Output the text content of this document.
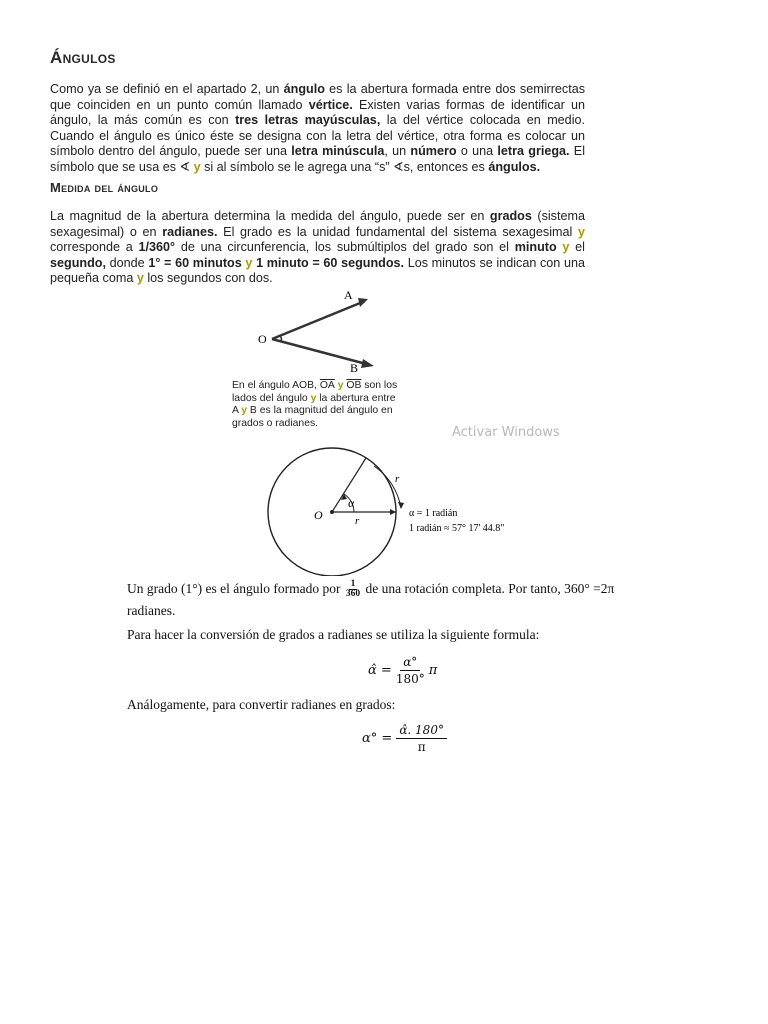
Ángulos
Como ya se definió en el apartado 2, un ángulo es la abertura formada entre dos semirrectas que coinciden en un punto común llamado vértice. Existen varias formas de identificar un ángulo, la más común es con tres letras mayúsculas, la del vértice colocada en medio. Cuando el ángulo es único éste se designa con la letra del vértice, otra forma es colocar un símbolo dentro del ángulo, puede ser una letra minúscula, un número o una letra griega. El símbolo que se usa es ∢ y si al símbolo se le agrega una “s” ∢s, entonces es ángulos.
Medida del ángulo
La magnitud de la abertura determina la medida del ángulo, puede ser en grados (sistema sexagesimal) o en radianes. El grado es la unidad fundamental del sistema sexagesimal y corresponde a 1/360° de una circunferencia, los submúltiplos del grado son el minuto y el segundo, donde 1° = 60 minutos y 1 minuto = 60 segundos. Los minutos se indican con una pequeña coma y los segundos con dos.
A
B
O
En el ángulo AOB, $\overline{OA}$ y $\overline{OB}$ son los lados del ángulo y la abertura entre A y B es la magnitud del ángulo en grados o radianes.
Activar Windows
O
α
r
r
α = 1 radián
1 radián ≈ 57° 17' 44.8"
Un grado (1°) es el ángulo formado por $\frac{1}{360}$ de una rotación completa. Por tanto, 360° =2π
radianes.
Para hacer la conversión de grados a radianes se utiliza la siguiente formula:
α̂ = $\frac{\alpha^\circ}{180^\circ}$ π
Análogamente, para convertir radianes en grados:
$\alpha^\circ = \frac{\alphâ. 180^\circ}{\pi}$
